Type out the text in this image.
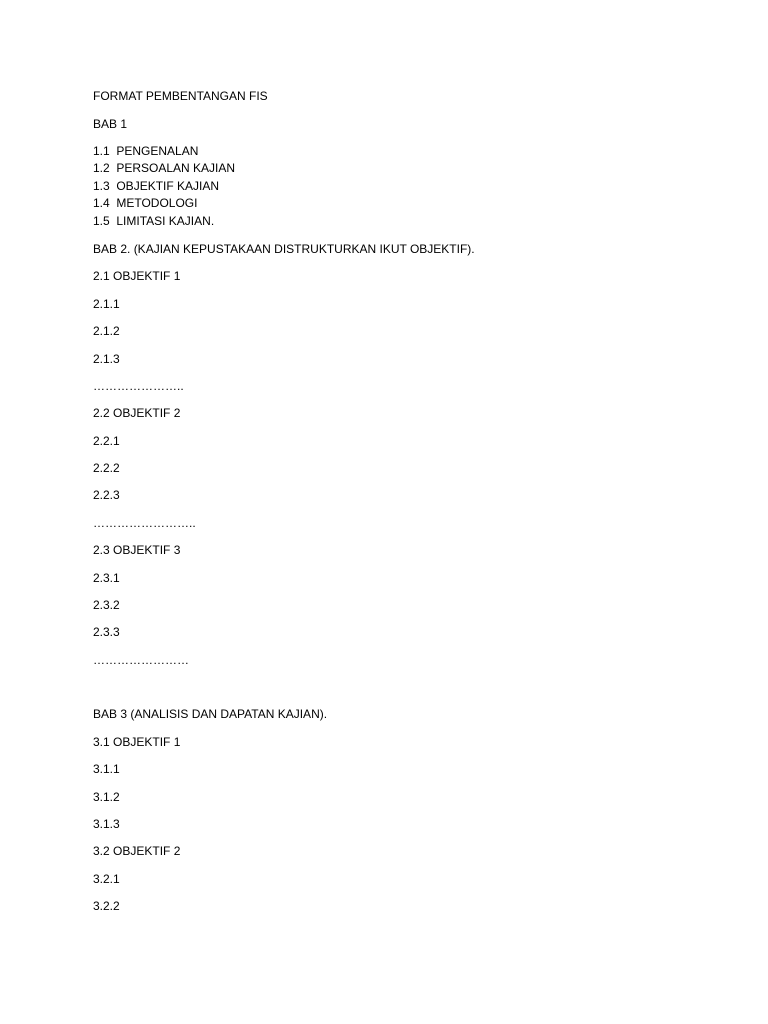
FORMAT PEMBENTANGAN FIS
BAB 1
1.1  PENGENALAN
1.2  PERSOALAN KAJIAN
1.3  OBJEKTIF KAJIAN
1.4  METODOLOGI
1.5  LIMITASI KAJIAN.
BAB 2. (KAJIAN KEPUSTAKAAN DISTRUKTURKAN IKUT OBJEKTIF).
2.1 OBJEKTIF 1
2.1.1
2.1.2
2.1.3
…………………..
2.2 OBJEKTIF 2
2.2.1
2.2.2
2.2.3
……………………..
2.3 OBJEKTIF 3
2.3.1
2.3.2
2.3.3
……………………
BAB 3 (ANALISIS DAN DAPATAN KAJIAN).
3.1 OBJEKTIF 1
3.1.1
3.1.2
3.1.3
3.2 OBJEKTIF 2
3.2.1
3.2.2
